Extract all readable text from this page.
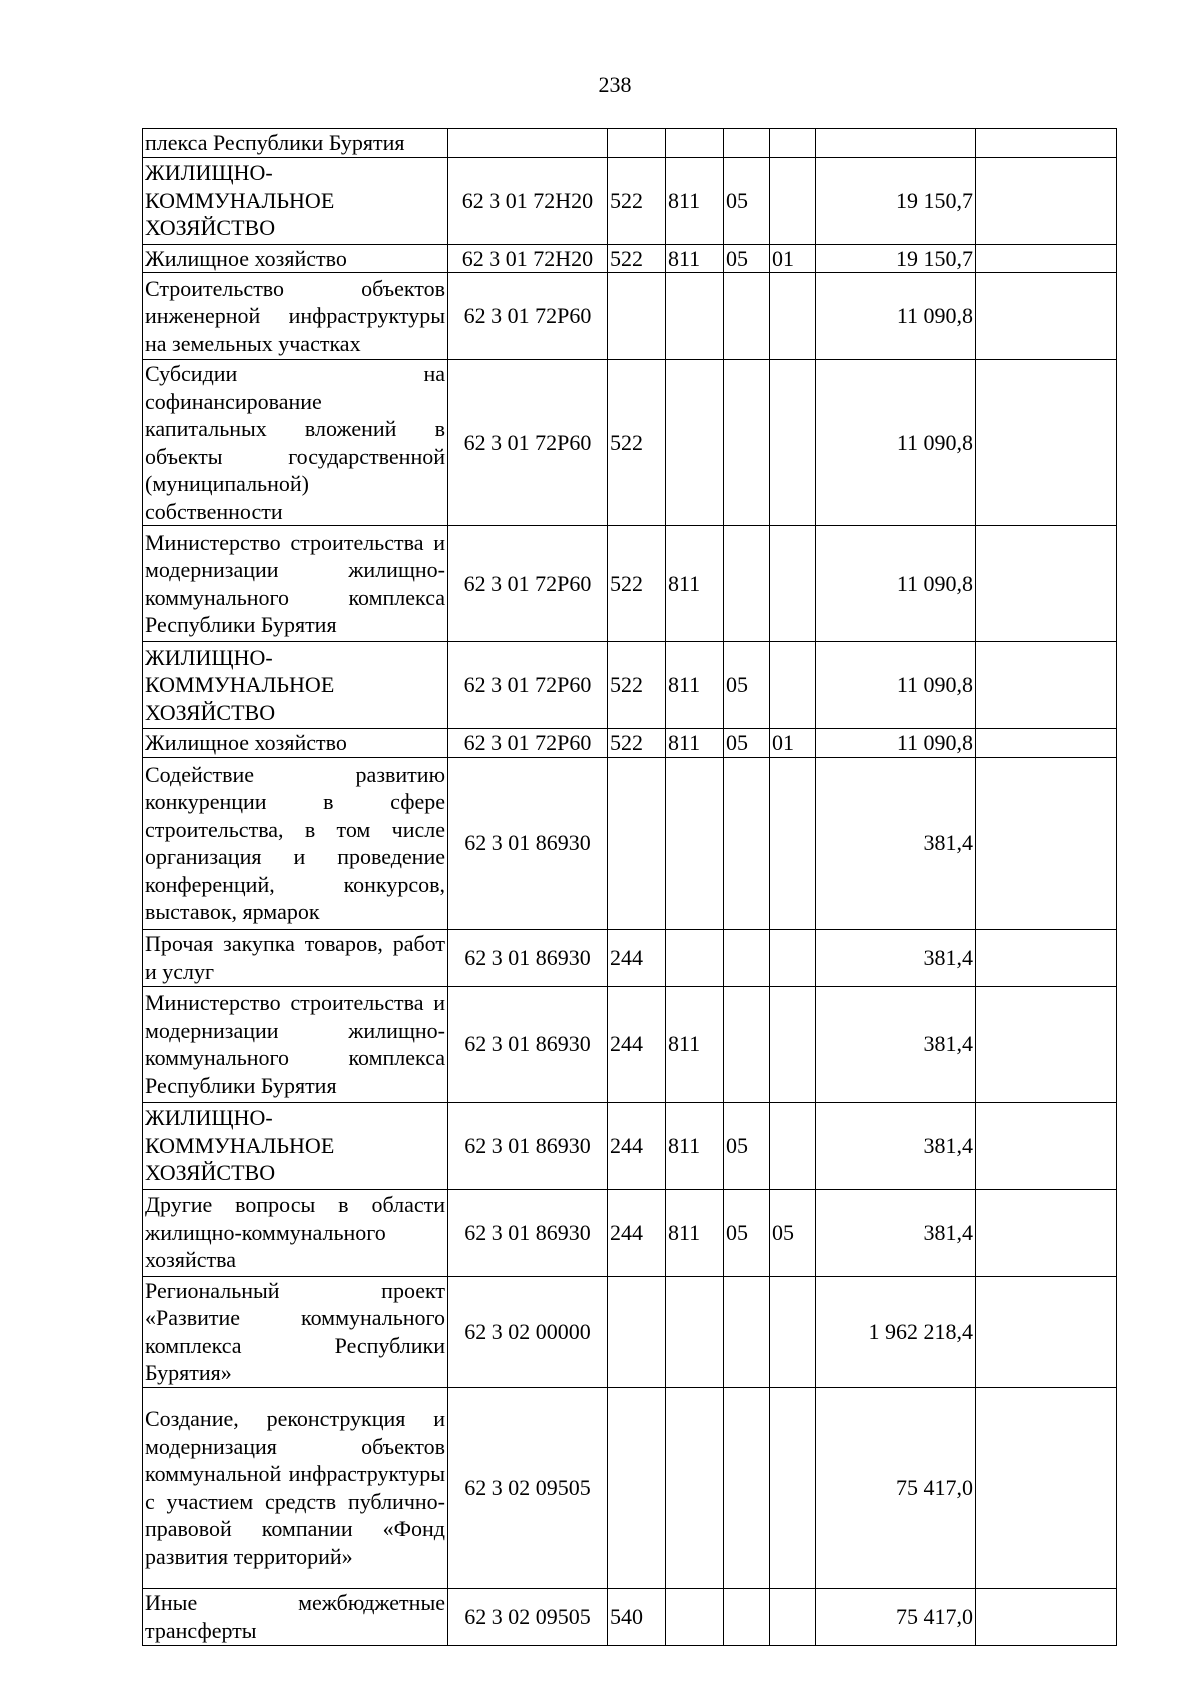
238
плекса Республики Бурятия							
ЖИЛИЩНО-КОММУНАЛЬНОЕ ХОЗЯЙСТВО	62 3 01 72Н20	522	811	05		19 150,7	
Жилищное хозяйство	62 3 01 72Н20	522	811	05	01	19 150,7	
Строительство объектов инженерной инфраструктуры на земельных участках	62 3 01 72Р60					11 090,8	
Субсидии на софинансирование капитальных вложений в объекты государственной (муниципальной) собственности	62 3 01 72Р60	522				11 090,8	
Министерство строительства и модернизации жилищно-коммунального комплекса Республики Бурятия	62 3 01 72Р60	522	811			11 090,8	
ЖИЛИЩНО-КОММУНАЛЬНОЕ ХОЗЯЙСТВО	62 3 01 72Р60	522	811	05		11 090,8	
Жилищное хозяйство	62 3 01 72Р60	522	811	05	01	11 090,8	
Содействие развитию конкуренции в сфере строительства, в том числе организация и проведение конференций, конкурсов, выставок, ярмарок	62 3 01 86930					381,4	
Прочая закупка товаров, работ и услуг	62 3 01 86930	244				381,4	
Министерство строительства и модернизации жилищно-коммунального комплекса Республики Бурятия	62 3 01 86930	244	811			381,4	
ЖИЛИЩНО-КОММУНАЛЬНОЕ ХОЗЯЙСТВО	62 3 01 86930	244	811	05		381,4	
Другие вопросы в области жилищно-коммунального хозяйства	62 3 01 86930	244	811	05	05	381,4	
Региональный проект «Развитие коммунального комплекса Республики Бурятия»	62 3 02 00000					1 962 218,4	
Создание, реконструкция и модернизация объектов коммунальной инфраструктуры с участием средств публично-правовой компании «Фонд развития территорий»	62 3 02 09505					75 417,0	
Иные межбюджетные трансферты	62 3 02 09505	540				75 417,0	
